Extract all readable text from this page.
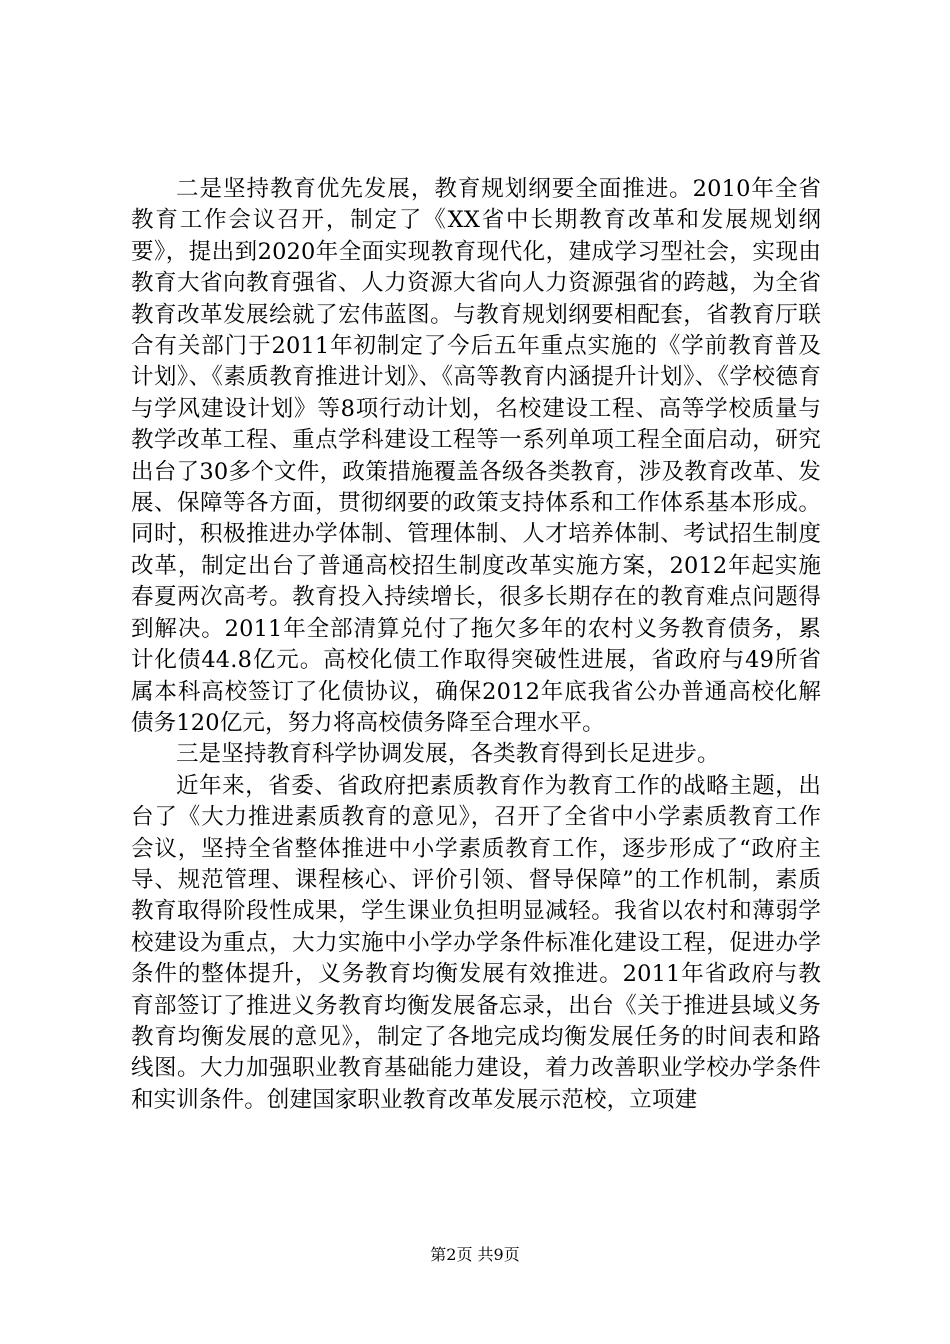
二是坚持教育优先发展，教育规划纲要全面推进。2010年全省教育工作会议召开，制定了《XX省中长期教育改革和发展规划纲要》，提出到2020年全面实现教育现代化，建成学习型社会，实现由教育大省向教育强省、人力资源大省向人力资源强省的跨越，为全省教育改革发展绘就了宏伟蓝图。与教育规划纲要相配套，省教育厅联合有关部门于2011年初制定了今后五年重点实施的《学前教育普及计划》、《素质教育推进计划》、《高等教育内涵提升计划》、《学校德育与学风建设计划》等8项行动计划，名校建设工程、高等学校质量与教学改革工程、重点学科建设工程等一系列单项工程全面启动，研究出台了30多个文件，政策措施覆盖各级各类教育，涉及教育改革、发展、保障等各方面，贯彻纲要的政策支持体系和工作体系基本形成。同时，积极推进办学体制、管理体制、人才培养体制、考试招生制度改革，制定出台了普通高校招生制度改革实施方案，2012年起实施春夏两次高考。教育投入持续增长，很多长期存在的教育难点问题得到解决。2011年全部清算兑付了拖欠多年的农村义务教育债务，累计化债44.8亿元。高校化债工作取得突破性进展，省政府与49所省属本科高校签订了化债协议，确保2012年底我省公办普通高校化解债务120亿元，努力将高校债务降至合理水平。

三是坚持教育科学协调发展，各类教育得到长足进步。

近年来，省委、省政府把素质教育作为教育工作的战略主题，出台了《大力推进素质教育的意见》，召开了全省中小学素质教育工作会议，坚持全省整体推进中小学素质教育工作，逐步形成了“政府主导、规范管理、课程核心、评价引领、督导保障”的工作机制，素质教育取得阶段性成果，学生课业负担明显减轻。我省以农村和薄弱学校建设为重点，大力实施中小学办学条件标准化建设工程，促进办学条件的整体提升，义务教育均衡发展有效推进。2011年省政府与教育部签订了推进义务教育均衡发展备忘录，出台《关于推进县域义务教育均衡发展的意见》，制定了各地完成均衡发展任务的时间表和路线图。大力加强职业教育基础能力建设，着力改善职业学校办学条件和实训条件。创建国家职业教育改革发展示范校，立项建

第2页 共9页
